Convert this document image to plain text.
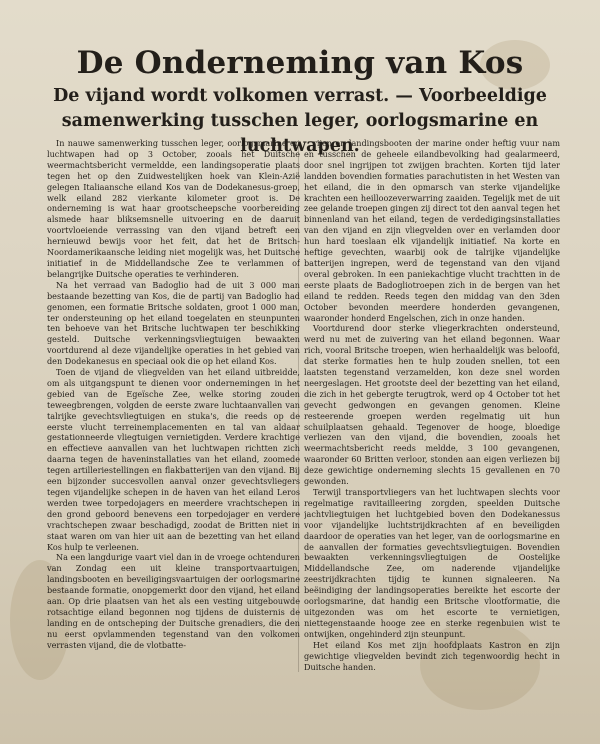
De Onderneming van Kos
De vijand wordt volkomen verrast. — Voorbeeldige samenwerking tusschen leger, oorlogsmarine en luchtwapen.

In nauwe samenwerking tusschen leger, oorlogsmarine en luchtwapen had op 3 October, zooals het Duitsche weermachtsbericht vermeldde, een landingsoperatie plaats tegen het op den Zuidwestelijken hoek van Klein-Azië gelegen Italiaansche eiland Kos van de Dodekanesus-groep, welk eiland 282 vierkante kilometer groot is. De onderneming is wat haar grootscheepsche voorbereiding alsmede haar bliksemsnelle uitvoering en de daaruit voortvloeiende verrassing van den vijand betreft een hernieuwd bewijs voor het feit, dat het de Britsch-Noordamerikaansche leiding niet mogelijk was, het Duitsche initiatief in de Middellandsche Zee te verlammen of belangrijke Duitsche operaties te verhinderen.

Na het verraad van Badoglio had de uit 3 000 man bestaande bezetting van Kos, die de partij van Badoglio had genomen, een formatie Britsche soldaten, groot 1 000 man, ter ondersteuning op het eiland toegelaten en steunpunten ten behoeve van het Britsche luchtwapen ter beschikking gesteld. Duitsche verkenningsvliegtuigen bewaakten voortdurend al deze vijandelijke operaties in het gebied van den Dodekanesus en speciaal ook die op het eiland Kos.

Toen de vijand de vliegvelden van het eiland uitbreidde, om als uitgangspunt te dienen voor ondernemingen in het gebied van de Egeïsche Zee, welke storing zouden teweegbrengen, volgden de eerste zware luchtaanvallen van talrijke gevechtsvliegtuigen en stuka's, die reeds op de eerste vlucht terreinemplacementen en tal van aldaar gestationneerde vliegtuigen vernietigden. Verdere krachtige en effectieve aanvallen van het luchtwapen richtten zich daarna tegen de haveninstallaties van het eiland, zoomede tegen artilleriestellingen en flakbatterijen van den vijand. Bij een bijzonder succesvollen aanval onzer gevechtsvliegers tegen vijandelijke schepen in de haven van het eiland Leros werden twee torpedojagers en meerdere vrachtschepen in den grond geboord benevens een torpedojager en verdere vrachtschepen zwaar beschadigd, zoodat de Britten niet in staat waren om van hier uit aan de bezetting van het eiland Kos hulp te verleenen.

Na een langdurige vaart viel dan in de vroege ochtenduren van Zondag een uit kleine transportvaartuigen, landingsbooten en beveiligingsvaartuigen der oorlogsmarine bestaande formatie, onopgemerkt door den vijand, het eiland aan. Op drie plaatsen van het als een vesting uitgebouwde rotsachtige eiland begonnen nog tijdens de duisternis de landing en de ontscheping der Duitsche grenadiers, die den nu eerst opvlammenden tegenstand van den volkomen verrasten vijand, die de vlotbatte-

rijen en landingsbooten der marine onder heftig vuur nam en tusschen de geheele eilandbevolking had gealarmeerd, door snel ingrijpen tot zwijgen brachten. Korten tijd later landden bovendien formaties parachutisten in het Westen van het eiland, die in den opmarsch van sterke vijandelijke krachten een heilloozeverwarring zaaiden. Tegelijk met de uit zee gelande troepen gingen zij direct tot den aanval tegen het binnenland van het eiland, tegen de verdedigingsinstallaties van den vijand en zijn vliegvelden over en verlamden door hun hard toeslaan elk vijandelijk initiatief. Na korte en heftige gevechten, waarbij ook de talrijke vijandelijke batterijen ingrepen, werd de tegenstand van den vijand overal gebroken. In een paniekachtige vlucht trachtten in de eerste plaats de Badogliotroepen zich in de bergen van het eiland te redden. Reeds tegen den middag van den 3den October bevonden meerdere honderden gevangenen, waaronder honderd Engelschen, zich in onze handen.

Voortdurend door sterke vliegerkrachten ondersteund, werd nu met de zuivering van het eiland begonnen. Waar rich, vooral Britsche troepen, wien herhaaldelijk was beloofd, dat sterke formaties hen te hulp zouden snellen, tot een laatsten tegenstand verzamelden, kon deze snel worden neergeslagen. Het grootste deel der bezetting van het eiland, die zich in het gebergte terugtrok, werd op 4 October tot het gevecht gedwongen en gevangen genomen. Kleine resteerende groepen werden regelmatig uit hun schuilplaatsen gehaald. Tegenover de hooge, bloedige verliezen van den vijand, die bovendien, zooals het weermachtsbericht reeds meldde, 3 100 gevangenen, waaronder 60 Britten verloor, stonden aan eigen verliezen bij deze gewichtige onderneming slechts 15 gevallenen en 70 gewonden.

Terwijl transportvliegers van het luchtwapen slechts voor regelmatige ravitailleering zorgden, speelden Duitsche jachtvliegtuigen het luchtgebied boven den Dodekanessus voor vijandelijke luchtstrijdkrachten af en beveiligden daardoor de operaties van het leger, van de oorlogsmarine en de aanvallen der formaties gevechtsvliegtuigen. Bovendien bewaakten verkenningsvliegtuigen de Oostelijke Middellandsche Zee, om naderende vijandelijke zeestrijdkrachten tijdig te kunnen signaleeren. Na beëindiging der landingsoperaties bereikte het escorte der oorlogsmarine, dat handig een Britsche vlootformatie, die uitgezonden was om het escorte te vernietigen, niettegenstaande hooge zee en sterke regenbuien wist te ontwijken, ongehinderd zijn steunpunt.

Het eiland Kos met zijn hoofdplaats Kastron en zijn gewichtige vliegvelden bevindt zich tegenwoordig hecht in Duitsche handen.
